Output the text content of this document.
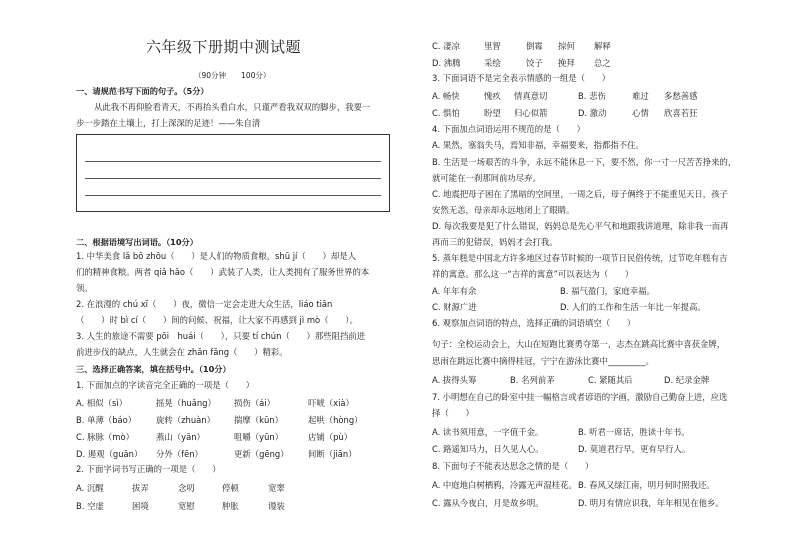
六年级下册期中测试题
（90分钟　　100分）
一、请规范书写下面的句子。（5分）
从此我不再仰脸看青天，不再抬头看白水，只谨严看我双双的脚步，我要一
步一步踏在土壤上，打上深深的足迹！——朱自清
二、根据语境写出词语。（10分）
1. 中华美食 lǎ bō zhōu（　　）是人们的物质食粮，shū jí（　　）却是人
们的精神食粮。两者 qiǎ hǎo（　　）武装了人类，让人类拥有了服务世界的本
领。
2. 在浪漫的 chú xī（　　）夜，微信一定会走进大众生活，liáo tiān
（　　）时 bì cí（　　）间的问候、祝福，让大家不再感到 jì mò（　　）。
3. 人生的旅途不需要 pōi　huái（　　），只要 tí chún（　　）那些阻挡前进
前进步伐的缺点，人生就会在 zhǎn fǎng（　　）精彩。
三、选择正确答案，填在括号中。（10分）
1. 下面加点的字读音完全正确的一项是（　　）
A. 相似（sì）	摇晃（huǎng） 损伤（ái）	吓唬（xià）
B. 单薄（báo） 旋转（zhuàn） 揣摩（kūn）	起哄（hòng）
C. 脉脉（mò）	燕山（yān）	咀嚼（yūn）	店铺（pù）
D. 遏观（guān） 分外（fēn）	更新（gēng） 间断（jiān）
2. 下面字词书写正确的一项是（　　）
A. 沉醒	拔弄	念叨	停顿	宽睾
B. 空虚	困境	宽慰	肿胀	谩装
C. 凄凉	里智	倒霉 掠何 解释
D. 沸腾	采绘	饺子 挽拜 总之
3. 下面词语不是完全表示情感的一组是（　　）
A. 畅快	愧疚 情真意切	B. 悲伤	难过 多愁善感
C. 惧怕	盼望 归心似箭	D. 激动	心情 欣喜若狂
4. 下面加点词语运用不规范的是（　　）
A. 果然，塞翁失马，焉知非福，幸福要来，指都指不住。
B. 生活是一场艰苦的斗争，永远不能休息一下，要不然，你一寸一尺苦苦挣来的，
就可能在一刹那间前功尽弃。
C. 地震把母子困在了黑暗的空间里，一周之后，母子俩终于不能重见天日，孩子
安然无恙，母亲却永远地闭上了眼睛。
D. 每次我要是犯了什么错误，妈妈总是先心平气和地跟我讲道理，除非我一而再
再而三的犯错误，妈妈才会打我。
5. 蒸年糕是中国北方许多地区过春节时候的一项节日民俗传统，过节吃年糕有吉
祥的寓意。那么这一“吉祥的寓意”可以表达为（　　）
A. 年年有余	B. 福气盈门，家庭幸福。
C. 财源广进	D. 人们的工作和生活一年比一年提高。
6. 观察加点词语的特点，选择正确的词语填空（　　）
句子：全校运动会上，大山在短跑比赛勇夺第一，志杰在跳高比赛中喜获金牌，
思雨在跳远比赛中摘得桂冠，宁宁在游泳比赛中_________。
A. 拔得头筹	B. 名列前茅	C. 紧随其后	D. 纪录金牌
7. 小明想在自己的卧室中挂一幅格言或者谚语的字画，激励自己勤奋上进，应选
择（　　）
A. 读书须用意，一字值千金。	B. 听君一席话，胜读十年书。
C. 路遥知马力，日久见人心。	D. 莫道君行早，更有早行人。
8. 下面句子不能表达思念之情的是（　　）
A. 中庭地白树栖鸦，冷露无声湿桂花。 B. 春风又绿江南，明月何时照我还。
C. 露从今夜白，月是故乡明。	D. 明月有情应识我，年年相见在他乡。
